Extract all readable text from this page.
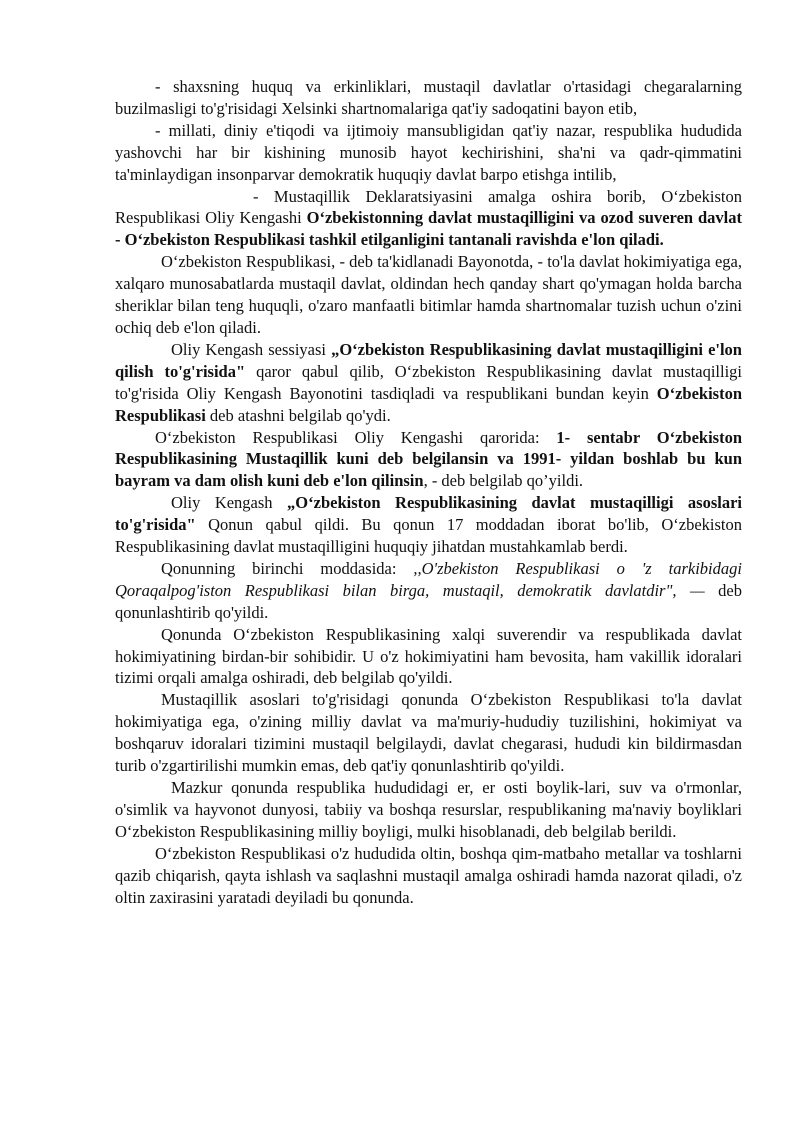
- shaxsning huquq va erkinliklari, mustaqil davlatlar o'rtasidagi chegaralarning buzilmasligi to'g'risidagi Xelsinki shartnomalariga qat'iy sadoqatini bayon etib,

- millati, diniy e'tiqodi va ijtimoiy mansubligidan qat'iy nazar, respublika hududida yashovchi har bir kishining munosib hayot kechirishini, sha'ni va qadr-qimmatini ta'minlaydigan insonparvar demokratik huquqiy davlat barpo etishga intilib,

- Mustaqillik Deklaratsiyasini amalga oshira borib, O‘zbekiston Respublikasi Oliy Kengashi O‘zbekistonning davlat mustaqilligini va ozod suveren davlat - O‘zbekiston Respublikasi tashkil etilganligini tantanali ravishda e'lon qiladi.

O‘zbekiston Respublikasi, - deb ta'kidlanadi Bayonotda, - to'la davlat hokimiyatiga ega, xalqaro munosabatlarda mustaqil davlat, oldindan hech qanday shart qo'ymagan holda barcha sheriklar bilan teng huquqli, o'zaro manfaatli bitimlar hamda shartnomalar tuzish uchun o'zini ochiq deb e'lon qiladi.

Oliy Kengash sessiyasi „O‘zbekiston Respublikasining davlat mustaqilligini e'lon qilish to'g'risida" qaror qabul qilib, O‘zbekiston Respublikasining davlat mustaqilligi to'g'risida Oliy Kengash Bayonotini tasdiqladi va respublikani bundan keyin O‘zbekiston Respublikasi deb atashni belgilab qo'ydi.

O‘zbekiston Respublikasi Oliy Kengashi qarorida: 1- sentabr O‘zbekiston Respublikasining Mustaqillik kuni deb belgilansin va 1991- yildan boshlab bu kun bayram va dam olish kuni deb e'lon qilinsin, - deb belgilab qo’yildi.

Oliy Kengash „O‘zbekiston Respublikasining davlat mustaqilligi asoslari to'g'risida" Qonun qabul qildi. Bu qonun 17 moddadan iborat bo'lib, O‘zbekiston Respublikasining davlat mustaqilligini huquqiy jihatdan mustahkamlab berdi.

Qonunning birinchi moddasida: ,,O'zbekiston Respublikasi o 'z tarkibidagi Qoraqalpog'iston Respublikasi bilan birga, mustaqil, demokratik davlatdir", — deb qonunlashtirib qo'yildi.

Qonunda O‘zbekiston Respublikasining xalqi suverendir va respublikada davlat hokimiyatining birdan-bir sohibidir. U o'z hokimiyatini ham bevosita, ham vakillik idoralari tizimi orqali amalga oshiradi, deb belgilab qo'yildi.

Mustaqillik asoslari to'g'risidagi qonunda O‘zbekiston Respublikasi to'la davlat hokimiyatiga ega, o'zining milliy davlat va ma'muriy-hududiy tuzilishini, hokimiyat va boshqaruv idoralari tizimini mustaqil belgilaydi, davlat chegarasi, hududi kin bildirmasdan turib o'zgartirilishi mumkin emas, deb qat'iy qonunlashtirib qo'yildi.

Mazkur qonunda respublika hududidagi er, er osti boylik-lari, suv va o'rmonlar, o'simlik va hayvonot dunyosi, tabiiy va boshqa resurslar, respublikaning ma'naviy boyliklari O‘zbekiston Respublikasining milliy boyligi, mulki hisoblanadi, deb belgilab berildi.

O‘zbekiston Respublikasi o'z hududida oltin, boshqa qim-matbaho metallar va toshlarni qazib chiqarish, qayta ishlash va saqlashni mustaqil amalga oshiradi hamda nazorat qiladi, o'z oltin zaxirasini yaratadi deyiladi bu qonunda.
